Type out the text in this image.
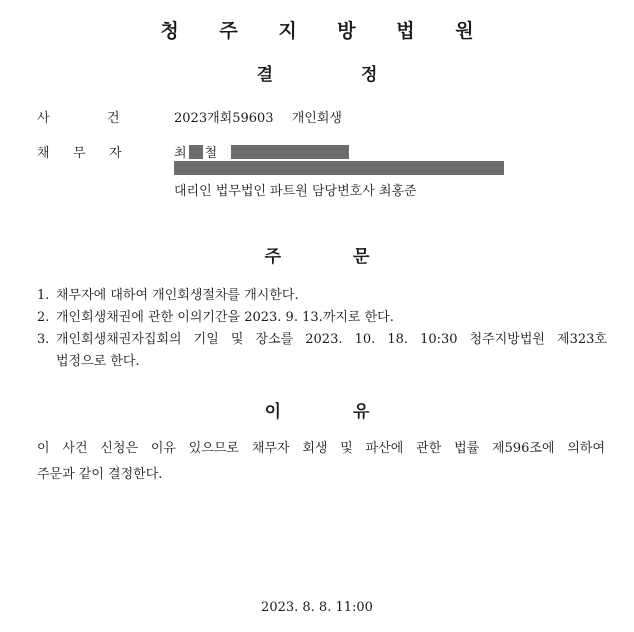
청 주 지 방 법 원
결	정
사	건	2023개회59603 개인회생
채 무 자	최 철
대리인 법무법인 파트원 담당변호사 최홍준
주	문
1. 채무자에 대하여 개인회생절차를 개시한다.
2. 개인회생채권에 관한 이의기간을 2023. 9. 13.까지로 한다.
3. 개인회생채권자집회의 기일 및 장소를 2023. 10. 18. 10:30 청주지방법원 제323호
법정으로 한다.
이	유
이 사건 신청은 이유 있으므로 채무자 회생 및 파산에 관한 법률 제596조에 의하여
주문과 같이 결정한다.
2023. 8. 8. 11:00
